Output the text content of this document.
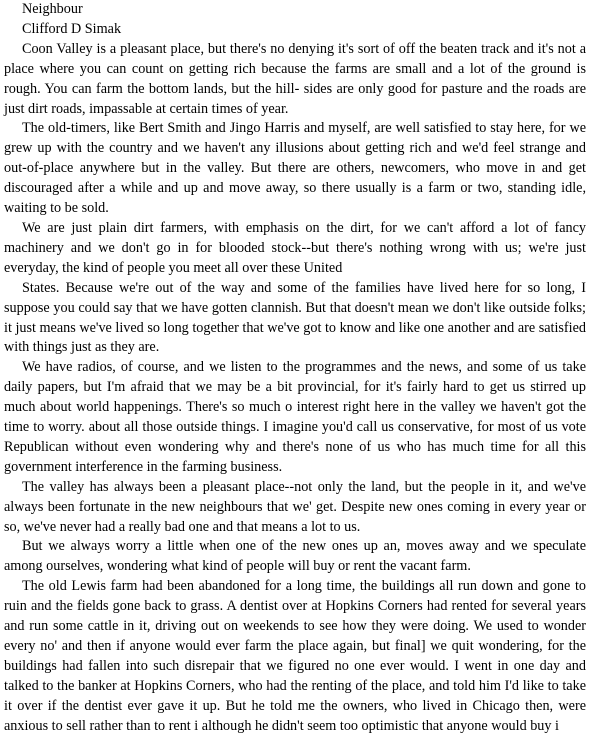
Neighbour

Clifford D Simak

Coon Valley is a pleasant place, but there's no denying it's sort of off the beaten track and it's not a place where you can count on getting rich because the farms are small and a lot of the ground is rough. You can farm the bottom lands, but the hill- sides are only good for pasture and the roads are just dirt roads, impassable at certain times of year.

The old-timers, like Bert Smith and Jingo Harris and myself, are well satisfied to stay here, for we grew up with the country and we haven't any illusions about getting rich and we'd feel strange and out-of-place anywhere but in the valley. But there are others, newcomers, who move in and get discouraged after a while and up and move away, so there usually is a farm or two, standing idle, waiting to be sold.

We are just plain dirt farmers, with emphasis on the dirt, for we can't afford a lot of fancy machinery and we don't go in for blooded stock--but there's nothing wrong with us; we're just everyday, the kind of people you meet all over these United

States. Because we're out of the way and some of the families have lived here for so long, I suppose you could say that we have gotten clannish. But that doesn't mean we don't like outside folks; it just means we've lived so long together that we've got to know and like one another and are satisfied with things just as they are.

We have radios, of course, and we listen to the programmes and the news, and some of us take daily papers, but I'm afraid that we may be a bit provincial, for it's fairly hard to get us stirred up much about world happenings. There's so much o interest right here in the valley we haven't got the time to worry. about all those outside things. I imagine you'd call us conservative, for most of us vote Republican without even wondering why and there's none of us who has much time for all this government interference in the farming business.

The valley has always been a pleasant place--not only the land, but the people in it, and we've always been fortunate in the new neighbours that we' get. Despite new ones coming in every year or so, we've never had a really bad one and that means a lot to us.

But we always worry a little when one of the new ones up an, moves away and we speculate among ourselves, wondering what kind of people will buy or rent the vacant farm.

The old Lewis farm had been abandoned for a long time, the buildings all run down and gone to ruin and the fields gone back to grass. A dentist over at Hopkins Corners had rented for several years and run some cattle in it, driving out on weekends to see how they were doing. We used to wonder every no' and then if anyone would ever farm the place again, but final] we quit wondering, for the buildings had fallen into such disrepair that we figured no one ever would. I went in one day and talked to the banker at Hopkins Corners, who had the renting of the place, and told him I'd like to take it over if the dentist ever gave it up. But he told me the owners, who lived in Chicago then, were anxious to sell rather than to rent i although he didn't seem too optimistic that anyone would buy i
